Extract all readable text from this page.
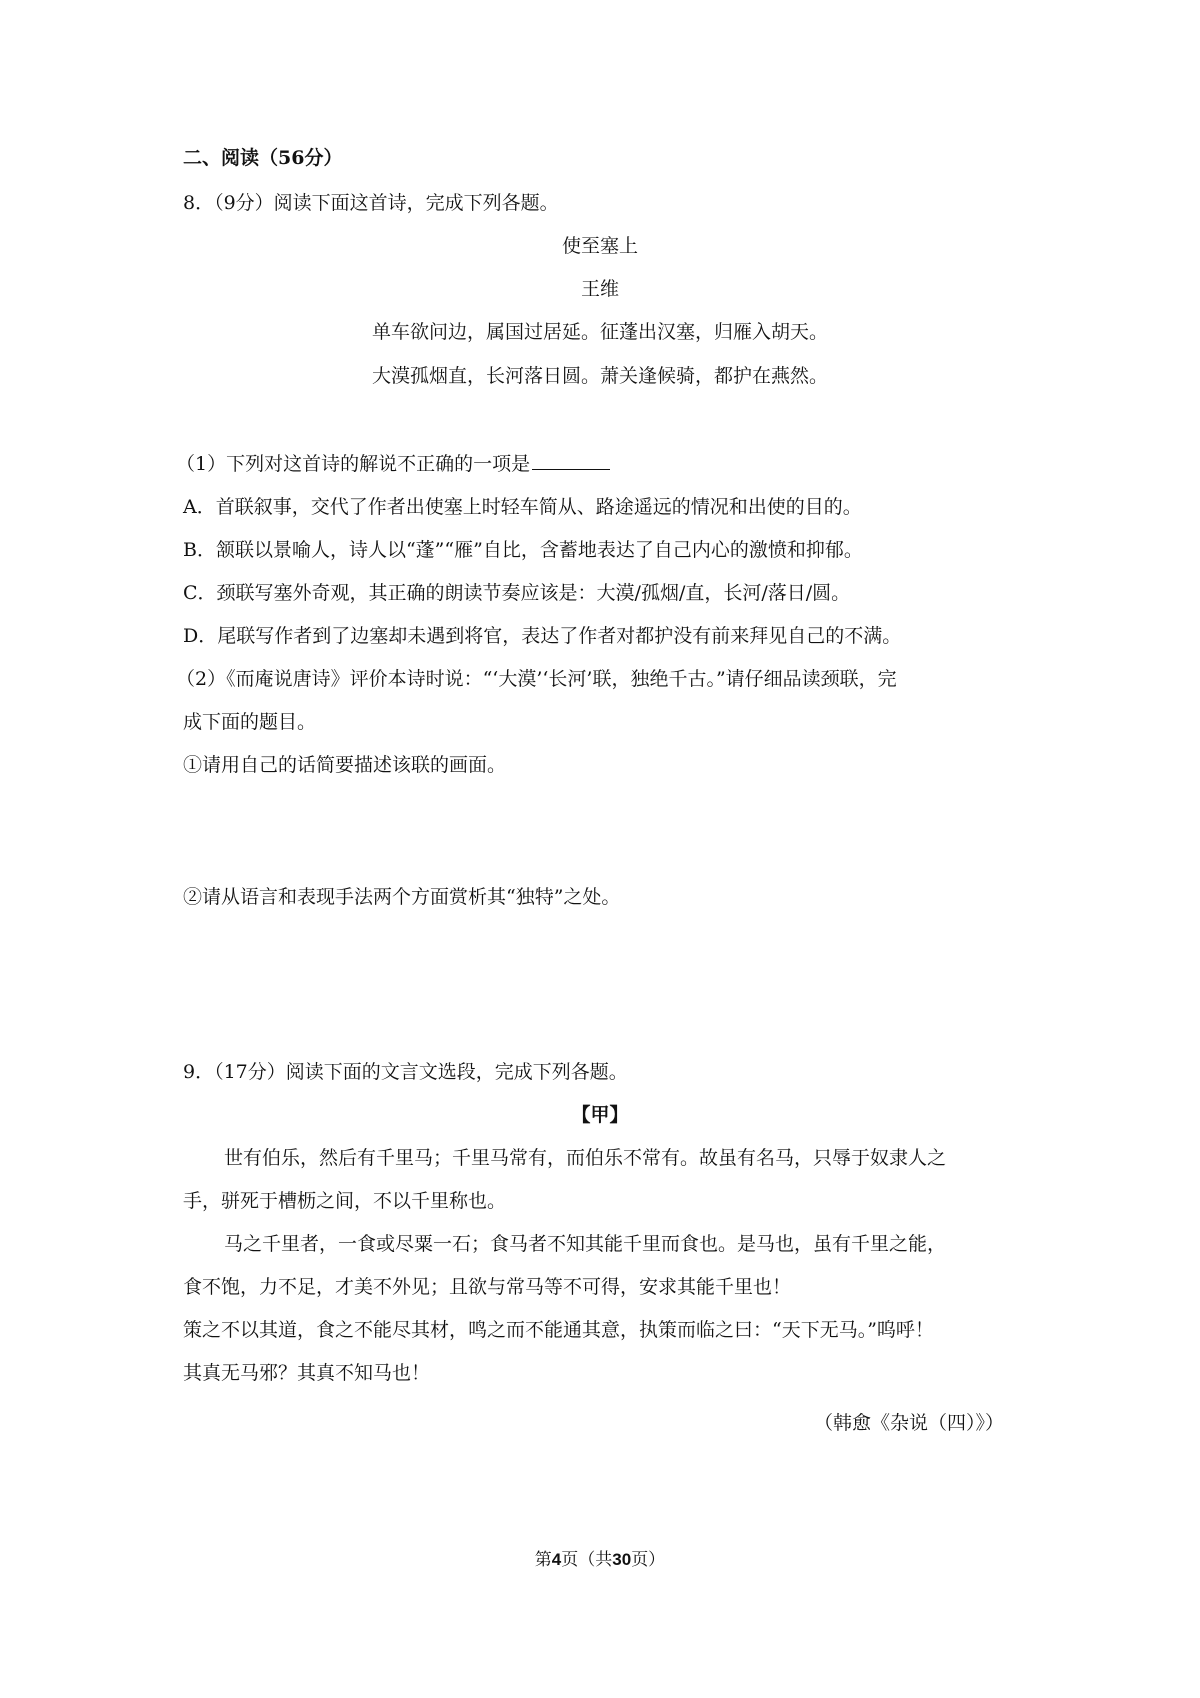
二、阅读（56分）
8．（9分）阅读下面这首诗，完成下列各题。
使至塞上
王维
单车欲问边，属国过居延。征蓬出汉塞，归雁入胡天。
大漠孤烟直，长河落日圆。萧关逢候骑，都护在燕然。
（1）下列对这首诗的解说不正确的一项是
A．首联叙事，交代了作者出使塞上时轻车简从、路途遥远的情况和出使的目的。
B．颔联以景喻人，诗人以“蓬”“雁”自比，含蓄地表达了自己内心的激愤和抑郁。
C．颈联写塞外奇观，其正确的朗读节奏应该是：大漠/孤烟/直，长河/落日/圆。
D．尾联写作者到了边塞却未遇到将官，表达了作者对都护没有前来拜见自己的不满。
（2）《而庵说唐诗》评价本诗时说：“‘大漠’‘长河’联，独绝千古。”请仔细品读颈联，完
成下面的题目。
①请用自己的话简要描述该联的画面。
②请从语言和表现手法两个方面赏析其“独特”之处。
9．（17分）阅读下面的文言文选段，完成下列各题。
【甲】
世有伯乐，然后有千里马；千里马常有，而伯乐不常有。故虽有名马，只辱于奴隶人之
手，骈死于槽枥之间，不以千里称也。
马之千里者，一食或尽粟一石；食马者不知其能千里而食也。是马也，虽有千里之能，
食不饱，力不足，才美不外见；且欲与常马等不可得，安求其能千里也！
策之不以其道，食之不能尽其材，鸣之而不能通其意，执策而临之曰：“天下无马。”呜呼！
其真无马邪？其真不知马也！
（韩愈《杂说（四）》）
第4页（共30页）
